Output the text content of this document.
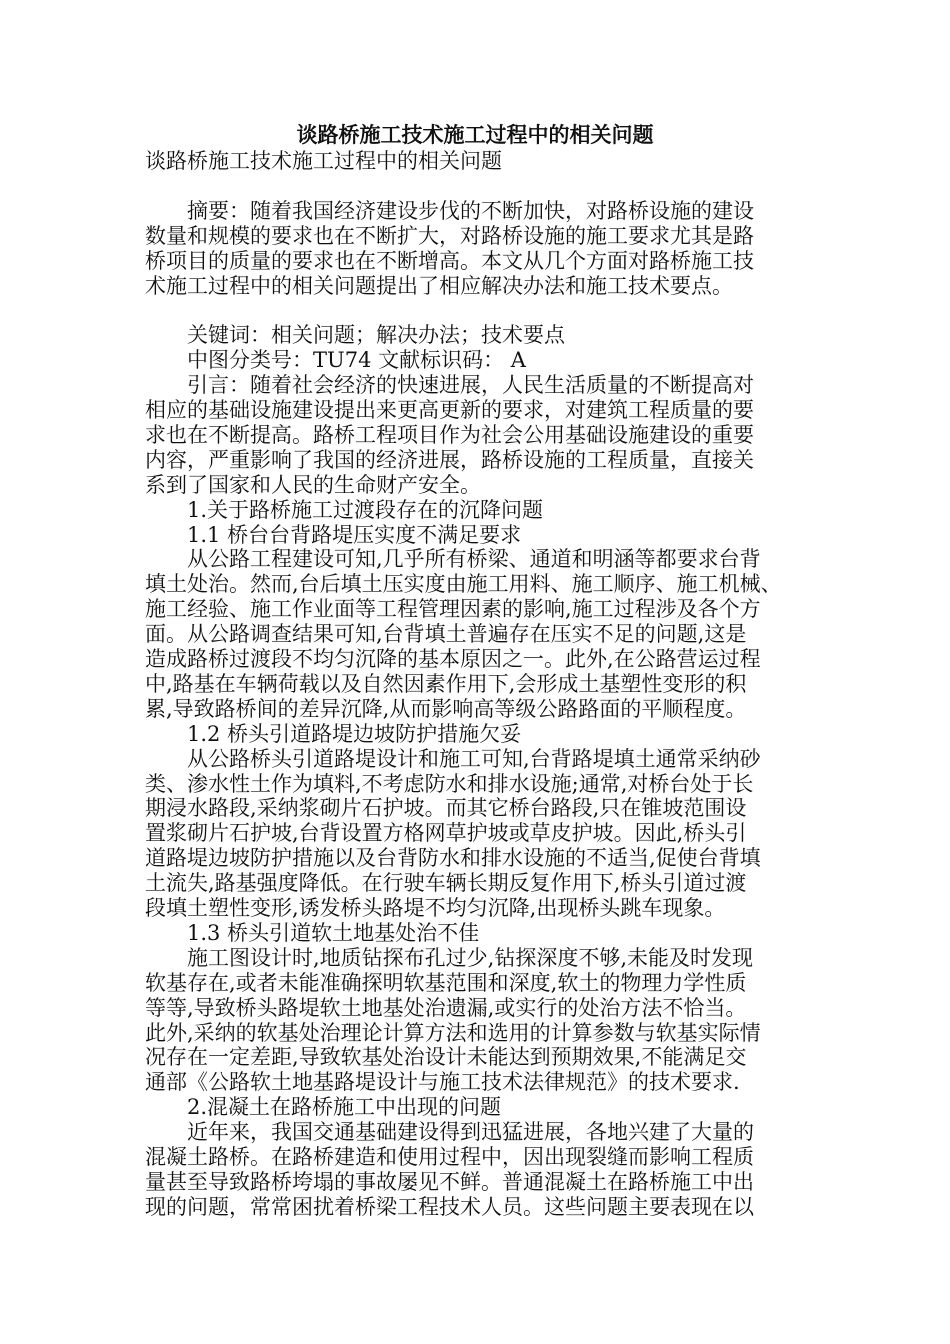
谈路桥施工技术施工过程中的相关问题
谈路桥施工技术施工过程中的相关问题
　　摘要：随着我国经济建设步伐的不断加快，对路桥设施的建设
数量和规模的要求也在不断扩大，对路桥设施的施工要求尤其是路
桥项目的质量的要求也在不断增高。本文从几个方面对路桥施工技
术施工过程中的相关问题提出了相应解决办法和施工技术要点。
　　关键词：相关问题；解决办法；技术要点
　　中图分类号：TU74 文献标识码： A
　　引言：随着社会经济的快速进展，人民生活质量的不断提高对
相应的基础设施建设提出来更高更新的要求，对建筑工程质量的要
求也在不断提高。路桥工程项目作为社会公用基础设施建设的重要
内容，严重影响了我国的经济进展，路桥设施的工程质量，直接关
系到了国家和人民的生命财产安全。
　　1.关于路桥施工过渡段存在的沉降问题
　　1.1 桥台台背路堤压实度不满足要求
　　从公路工程建设可知,几乎所有桥梁、通道和明涵等都要求台背
填土处治。然而,台后填土压实度由施工用料、施工顺序、施工机械、
施工经验、施工作业面等工程管理因素的影响,施工过程涉及各个方
面。从公路调查结果可知,台背填土普遍存在压实不足的问题,这是
造成路桥过渡段不均匀沉降的基本原因之一。此外,在公路营运过程
中,路基在车辆荷载以及自然因素作用下,会形成土基塑性变形的积
累,导致路桥间的差异沉降,从而影响高等级公路路面的平顺程度。
　　1.2 桥头引道路堤边坡防护措施欠妥
　　从公路桥头引道路堤设计和施工可知,台背路堤填土通常采纳砂
类、渗水性土作为填料,不考虑防水和排水设施;通常,对桥台处于长
期浸水路段,采纳浆砌片石护坡。而其它桥台路段,只在锥坡范围设
置浆砌片石护坡,台背设置方格网草护坡或草皮护坡。因此,桥头引
道路堤边坡防护措施以及台背防水和排水设施的不适当,促使台背填
土流失,路基强度降低。在行驶车辆长期反复作用下,桥头引道过渡
段填土塑性变形,诱发桥头路堤不均匀沉降,出现桥头跳车现象。
　　1.3 桥头引道软土地基处治不佳
　　施工图设计时,地质钻探布孔过少,钻探深度不够,未能及时发现
软基存在,或者未能准确探明软基范围和深度,软土的物理力学性质
等等,导致桥头路堤软土地基处治遗漏,或实行的处治方法不恰当。
此外,采纳的软基处治理论计算方法和选用的计算参数与软基实际情
况存在一定差距,导致软基处治设计未能达到预期效果,不能满足交
通部《公路软土地基路堤设计与施工技术法律规范》的技术要求.
　　2.混凝土在路桥施工中出现的问题
　　近年来，我国交通基础建设得到迅猛进展，各地兴建了大量的
混凝土路桥。在路桥建造和使用过程中，因出现裂缝而影响工程质
量甚至导致路桥垮塌的事故屡见不鲜。普通混凝土在路桥施工中出
现的问题，常常困扰着桥梁工程技术人员。这些问题主要表现在以
